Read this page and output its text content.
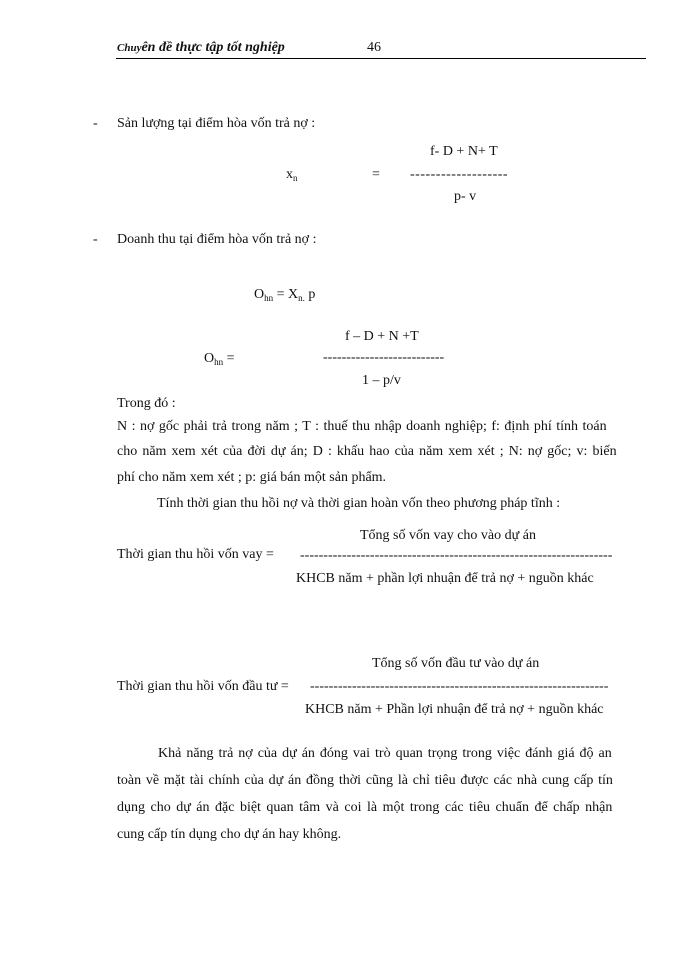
Chuyên đề thực tập tốt nghiệp	46
- Sản lượng tại điểm hòa vốn trả nợ :
$x_n$	=
f- D + N+ T
-------------------
p- v
- Doanh thu tại điểm hòa vốn trả nợ :
$O_{hn} = X_{n.}$ p
f – D + N +T
$O_{hn}$ =	--------------------------
1 – p/v
Trong đó :
N : nợ gốc phải trả trong năm ; T : thuế thu nhập doanh nghiệp; f: định phí tính toán
cho năm xem xét của đời dự án; D : khấu hao của năm xem xét ; N: nợ gốc; v: biến
phí cho năm xem xét ; p: giá bán một sản phẩm.
Tính thời gian thu hồi nợ và thời gian hoàn vốn theo phương pháp tĩnh :
Tổng số vốn vay cho vào dự án
Thời gian thu hồi vốn vay = -------------------------------------------------------------------
KHCB năm + phần lợi nhuận để trả nợ + nguồn khác
Tổng số vốn đầu tư vào dự án
Thời gian thu hồi vốn đầu tư = ----------------------------------------------------------------
KHCB năm + Phần lợi nhuận để trả nợ + nguồn khác
Khả năng trả nợ của dự án đóng vai trò quan trọng trong việc đánh giá độ an
toàn về mặt tài chính của dự án đồng thời cũng là chỉ tiêu được các nhà cung cấp tín
dụng cho dự án đặc biệt quan tâm và coi là một trong các tiêu chuẩn để chấp nhận
cung cấp tín dụng cho dự án hay không.
